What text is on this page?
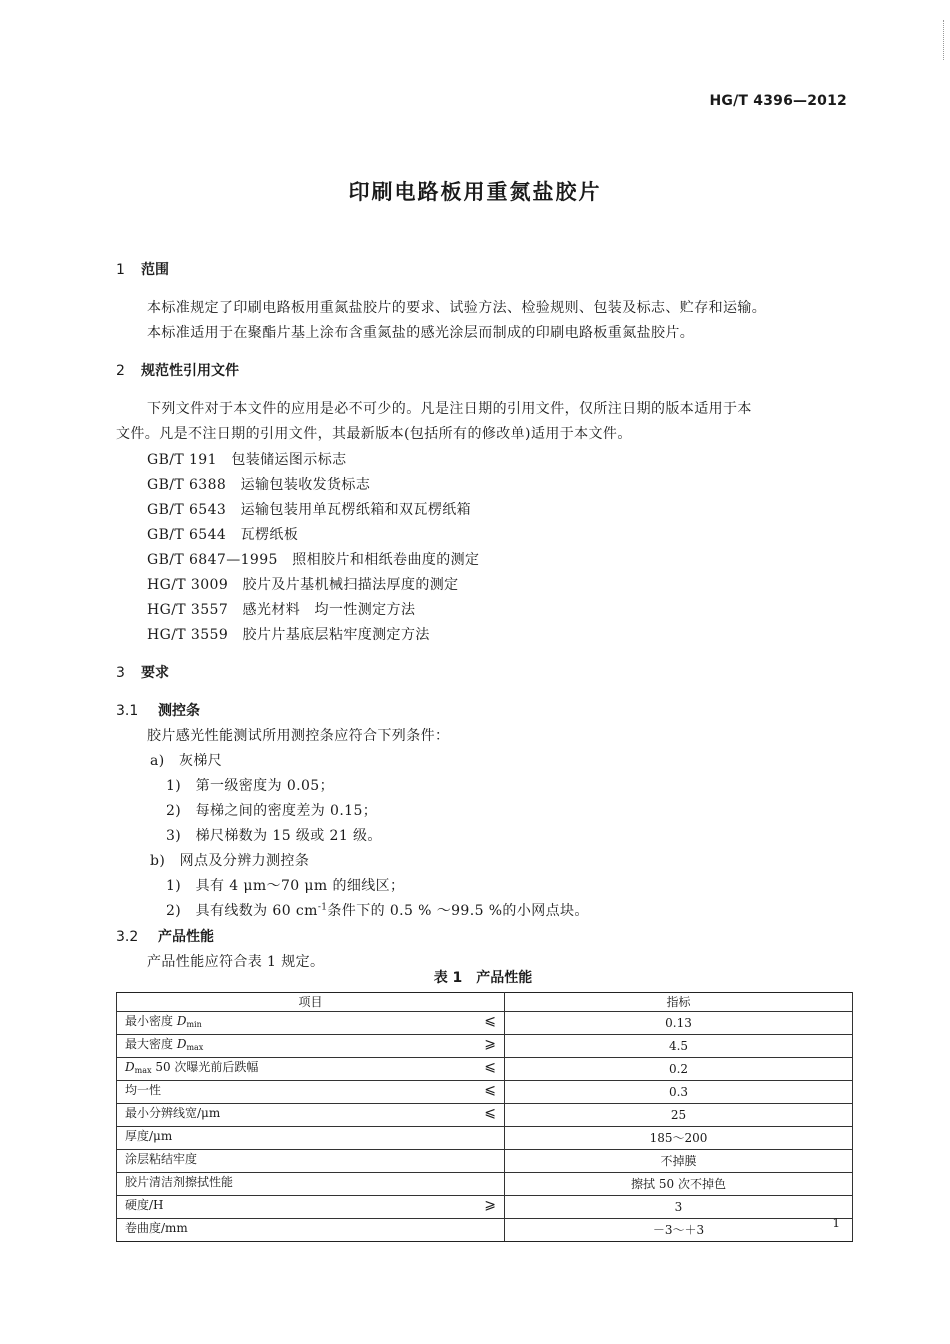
HG/T 4396—2012
印刷电路板用重氮盐胶片
1 范围
本标准规定了印刷电路板用重氮盐胶片的要求、试验方法、检验规则、包装及标志、贮存和运输。
本标准适用于在聚酯片基上涂布含重氮盐的感光涂层而制成的印刷电路板重氮盐胶片。
2 规范性引用文件
下列文件对于本文件的应用是必不可少的。凡是注日期的引用文件，仅所注日期的版本适用于本
文件。凡是不注日期的引用文件，其最新版本(包括所有的修改单)适用于本文件。
GB/T 191　 包装储运图示标志
GB/T 6388　 运输包装收发货标志
GB/T 6543　 运输包装用单瓦楞纸箱和双瓦楞纸箱
GB/T 6544　 瓦楞纸板
GB/T 6847—1995　 照相胶片和相纸卷曲度的测定
HG/T 3009　 胶片及片基机械扫描法厚度的测定
HG/T 3557　 感光材料　均一性测定方法
HG/T 3559　 胶片片基底层粘牢度测定方法
3 要求
3.1 测控条
胶片感光性能测试所用测控条应符合下列条件：
a)　灰梯尺
1)　第一级密度为 0.05；
2)　每梯之间的密度差为 0.15；
3)　梯尺梯数为 15 级或 21 级。
b)　网点及分辨力测控条
1)　具有 4 μm～70 μm 的细线区；
2)　具有线数为 60 $cm^{-1}$条件下的 0.5 % ～99.5 %的小网点块。
3.2 产品性能
产品性能应符合表 1 规定。
表 1　产品性能
项目	指标
最小密度 $D_{min}$ ⩽	0.13
最大密度 $D_{max}$ ⩾	4.5
$D_{max}$ 50 次曝光前后跌幅 ⩽	0.2
均一性 ⩽	0.3
最小分辨线宽/μm ⩽	25
厚度/μm	185～200
涂层粘结牢度	不掉膜
胶片清洁剂擦拭性能	擦拭 50 次不掉色
硬度/H ⩾	3
卷曲度/mm	－3～＋3	1
